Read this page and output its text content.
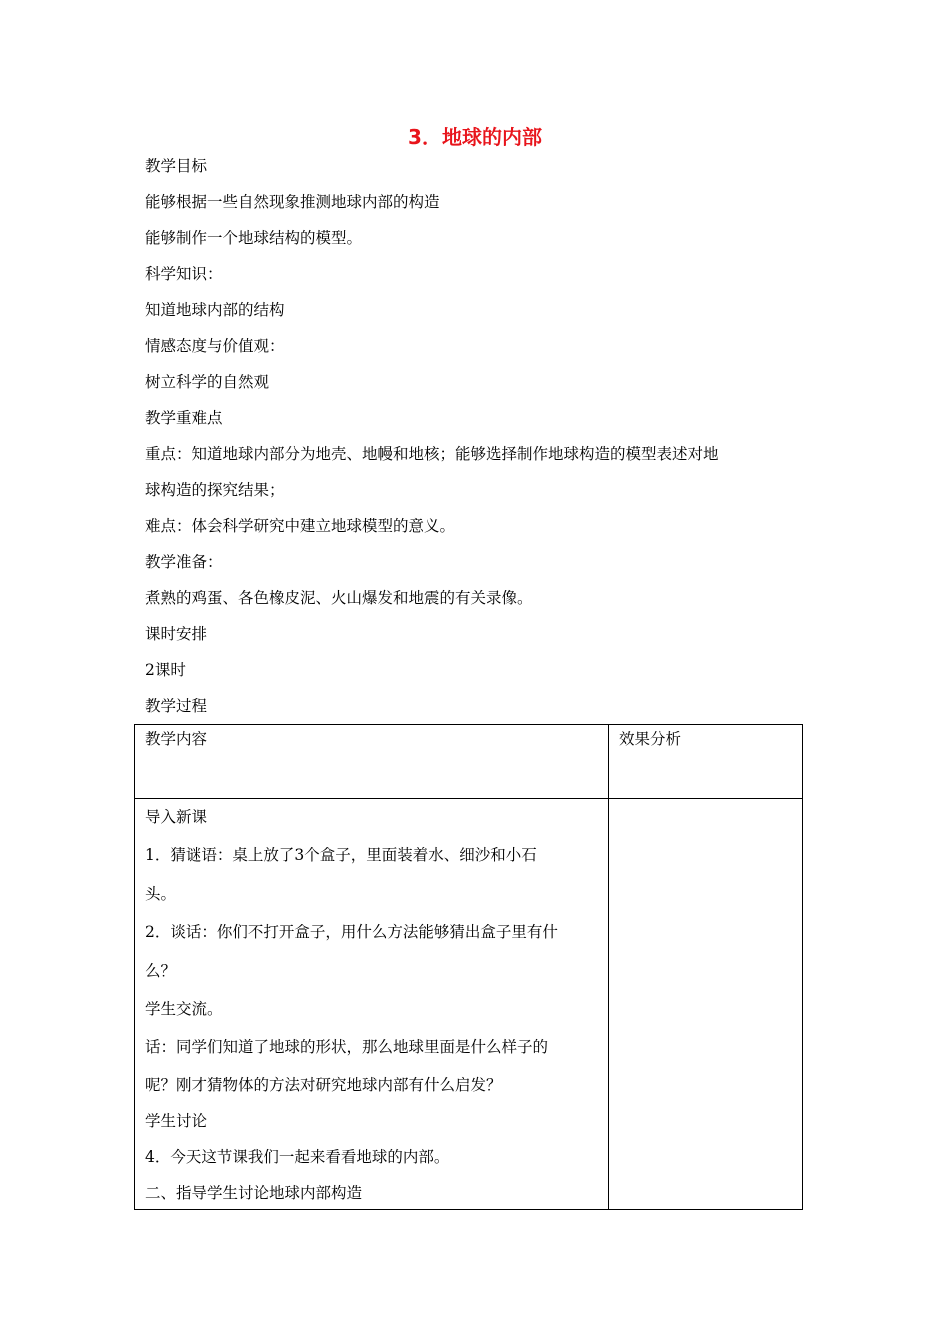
3．地球的内部

教学目标

能够根据一些自然现象推测地球内部的构造

能够制作一个地球结构的模型。

科学知识：

知道地球内部的结构

情感态度与价值观：

树立科学的自然观

教学重难点

重点：知道地球内部分为地壳、地幔和地核；能够选择制作地球构造的模型表述对地

球构造的探究结果；

难点：体会科学研究中建立地球模型的意义。

教学准备：

煮熟的鸡蛋、各色橡皮泥、火山爆发和地震的有关录像。

课时安排

2课时

教学过程

教学内容	效果分析

导入新课

1．猜谜语：桌上放了3个盒子，里面装着水、细沙和小石

头。

2．谈话：你们不打开盒子，用什么方法能够猜出盒子里有什

么？

学生交流。

话：同学们知道了地球的形状，那么地球里面是什么样子的

呢？刚才猜物体的方法对研究地球内部有什么启发？

学生讨论

4．今天这节课我们一起来看看地球的内部。

二、指导学生讨论地球内部构造
